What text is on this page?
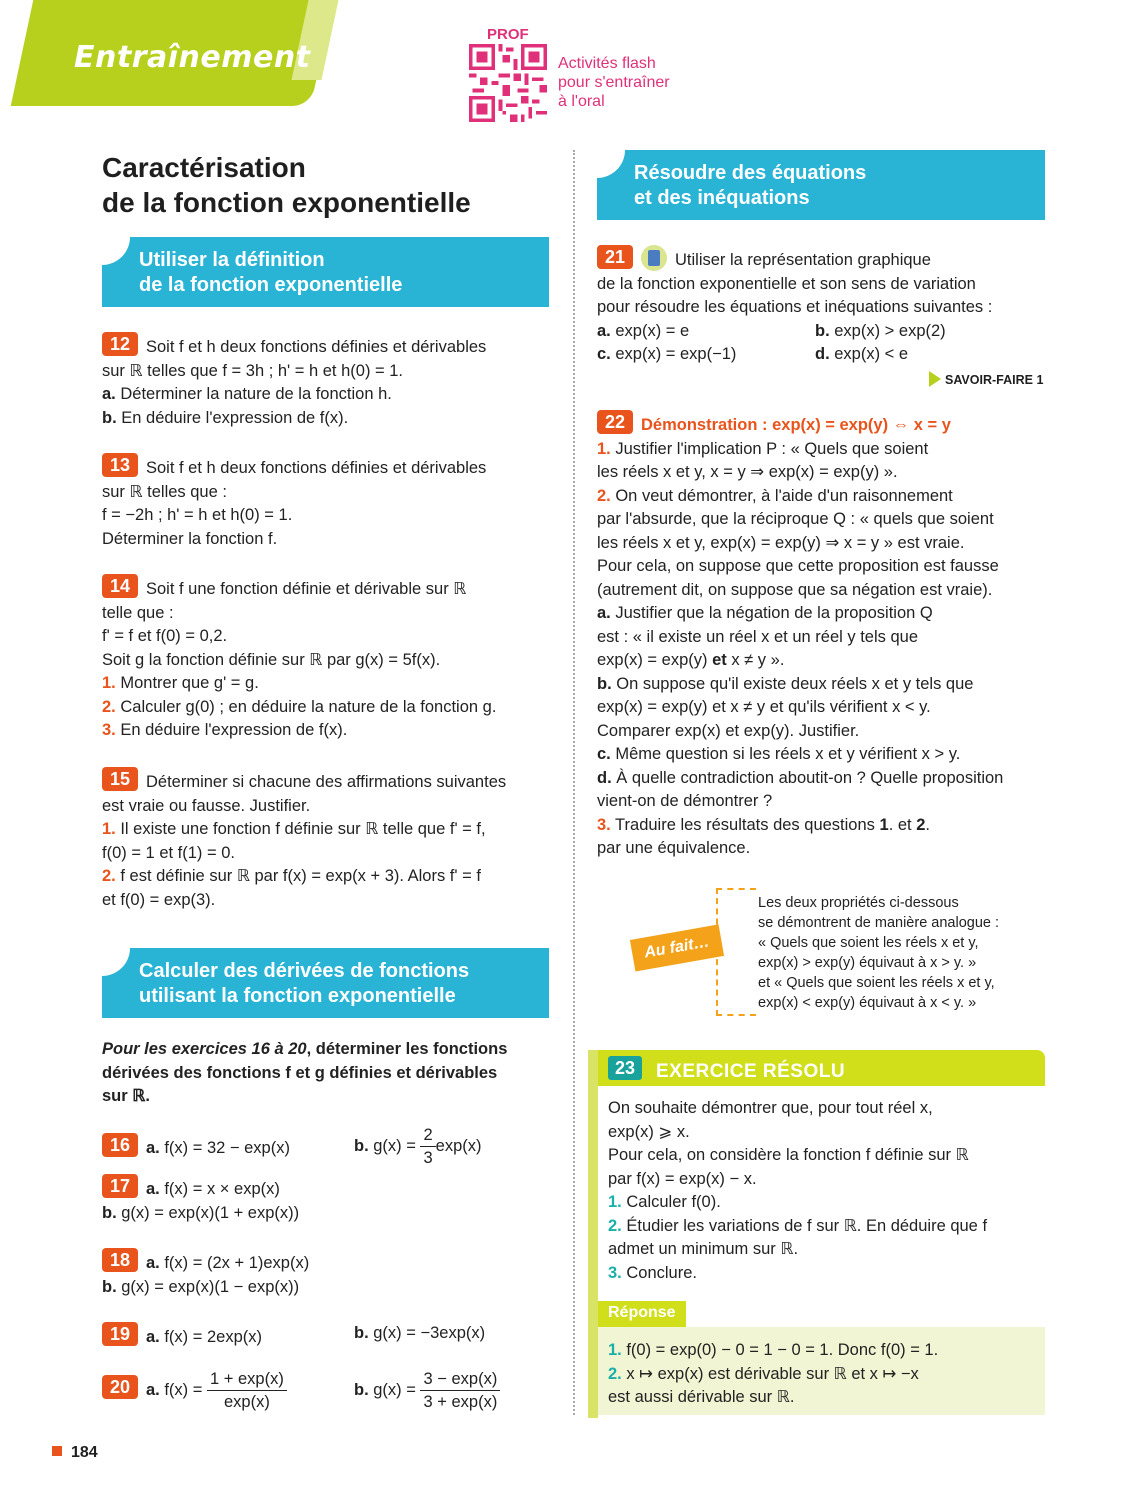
Entraînement
PROF
Activités flash
pour s'entraîner
à l'oral
Caractérisation
de la fonction exponentielle
Utiliser la définition
de la fonction exponentielle
12 Soit f et h deux fonctions définies et dérivables
sur ℝ telles que f = 3h ; h' = h et h(0) = 1.
a. Déterminer la nature de la fonction h.
b. En déduire l'expression de f(x).
13 Soit f et h deux fonctions définies et dérivables
sur ℝ telles que :
f = −2h ; h' = h et h(0) = 1.
Déterminer la fonction f.
14 Soit f une fonction définie et dérivable sur ℝ
telle que :
f' = f et f(0) = 0,2.
Soit g la fonction définie sur ℝ par g(x) = 5f(x).
1. Montrer que g' = g.
2. Calculer g(0) ; en déduire la nature de la fonction g.
3. En déduire l'expression de f(x).
15 Déterminer si chacune des affirmations suivantes
est vraie ou fausse. Justifier.
1. Il existe une fonction f définie sur ℝ telle que f' = f,
f(0) = 1 et f(1) = 0.
2. f est définie sur ℝ par f(x) = exp(x + 3). Alors f' = f
et f(0) = exp(3).
Calculer des dérivées de fonctions
utilisant la fonction exponentielle
Pour les exercices 16 à 20, déterminer les fonctions
dérivées des fonctions f et g définies et dérivables
sur ℝ.
16 a. f(x) = 32 − exp(x)	b. $g(x) = \frac{2}{3} \exp(x)$
17 a. f(x) = x × exp(x)
b. g(x) = exp(x)(1 + exp(x))
18 a. f(x) = (2x + 1)exp(x)
b. g(x) = exp(x)(1 − exp(x))
19 a. f(x) = 2exp(x)	b. g(x) = −3exp(x)
20 a. $f(x) = \frac{1 + \exp(x)}{\exp(x)}$	b. $g(x) = \frac{3 - \exp(x)}{3 + \exp(x)}$
Résoudre des équations
et des inéquations
21	Utiliser la représentation graphique
de la fonction exponentielle et son sens de variation
pour résoudre les équations et inéquations suivantes :
a. exp(x) = e	b. exp(x) > exp(2)
c. exp(x) = exp(−1)	d. exp(x) < e
SAVOIR-FAIRE 1
22 Démonstration : exp(x) = exp(y) ⇔ x = y
1. Justifier l'implication P : « Quels que soient
les réels x et y, x = y ⇒ exp(x) = exp(y) ».
2. On veut démontrer, à l'aide d'un raisonnement
par l'absurde, que la réciproque Q : « quels que soient
les réels x et y, exp(x) = exp(y) ⇒ x = y » est vraie.
Pour cela, on suppose que cette proposition est fausse
(autrement dit, on suppose que sa négation est vraie).
a. Justifier que la négation de la proposition Q
est : « il existe un réel x et un réel y tels que
exp(x) = exp(y) et x ≠ y ».
b. On suppose qu'il existe deux réels x et y tels que
exp(x) = exp(y) et x ≠ y et qu'ils vérifient x < y.
Comparer exp(x) et exp(y). Justifier.
c. Même question si les réels x et y vérifient x > y.
d. À quelle contradiction aboutit-on ? Quelle proposition
vient-on de démontrer ?
3. Traduire les résultats des questions 1. et 2.
par une équivalence.
Au fait…
Les deux propriétés ci-dessous
se démontrent de manière analogue :
« Quels que soient les réels x et y,
exp(x) > exp(y) équivaut à x > y. »
et « Quels que soient les réels x et y,
exp(x) < exp(y) équivaut à x < y. »
23	EXERCICE RÉSOLU
On souhaite démontrer que, pour tout réel x,
exp(x) ⩾ x.
Pour cela, on considère la fonction f définie sur ℝ
par f(x) = exp(x) − x.
1. Calculer f(0).
2. Étudier les variations de f sur ℝ. En déduire que f
admet un minimum sur ℝ.
3. Conclure.
Réponse
1. f(0) = exp(0) − 0 = 1 − 0 = 1. Donc f(0) = 1.
2. x ↦ exp(x) est dérivable sur ℝ et x ↦ −x
est aussi dérivable sur ℝ.
184
